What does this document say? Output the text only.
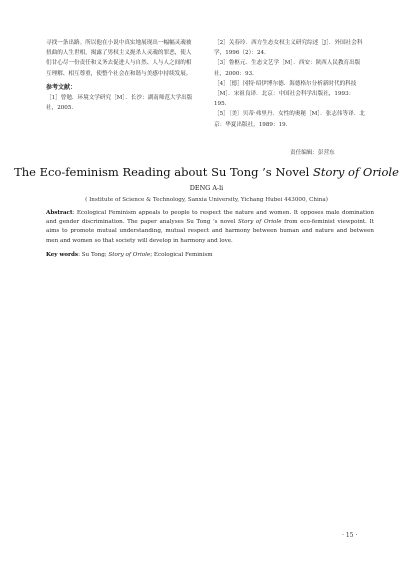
寻找一条出路。所以他在小说中真实地展现出一幅幅灵魂被扭曲的人生世相，揭露了男权主义扼杀人灵魂的罪恶，使人们甘心尽一份责任和义务去促进人与自然、人与人之间的相互理解、相互尊重，使整个社会在和谐与美感中持续发展。

参考文献：

［1］曾勉．环境文学研究［M］．长沙：湖南师范大学出版社，2005.

［2］关春玲．西方生态女权主义研究综述［J］．外国社会科学，1996（2）：24.

［3］鲁枢元．生态文艺学［M］．西安：陕西人民教育出版社，2000：93.

［4］［德］冈特·绍伊博尔德．海德格尔分析新时代的科技［M］．宋祖良译．北京：中国社会科学出版社，1993：195.

［5］〔美〕贝蒂·弗里丹．女性的奥秘［M］．张志伟等译．北京：华夏出版社，1989：19.

责任编辑：彭营东
The Eco-feminism Reading about Su Tong ’s Novel Story of Oriole
DENG A-li
( Institute of Science & Technology, Sanxia University, Yichang Hubei 443000, China)
Abstract: Ecological Feminism appeals to people to respect the nature and women. It opposes male domination and gender discrimination. The paper analyses Su Tong ’s novel Story of Oriole from eco-feminist viewpoint. It aims to promote mutual understanding, mutual respect and harmony between human and nature and between men and women so that society will develop in harmony and love.
Key words: Su Tong; Story of Oriole; Ecological Feminism
· 15 ·
